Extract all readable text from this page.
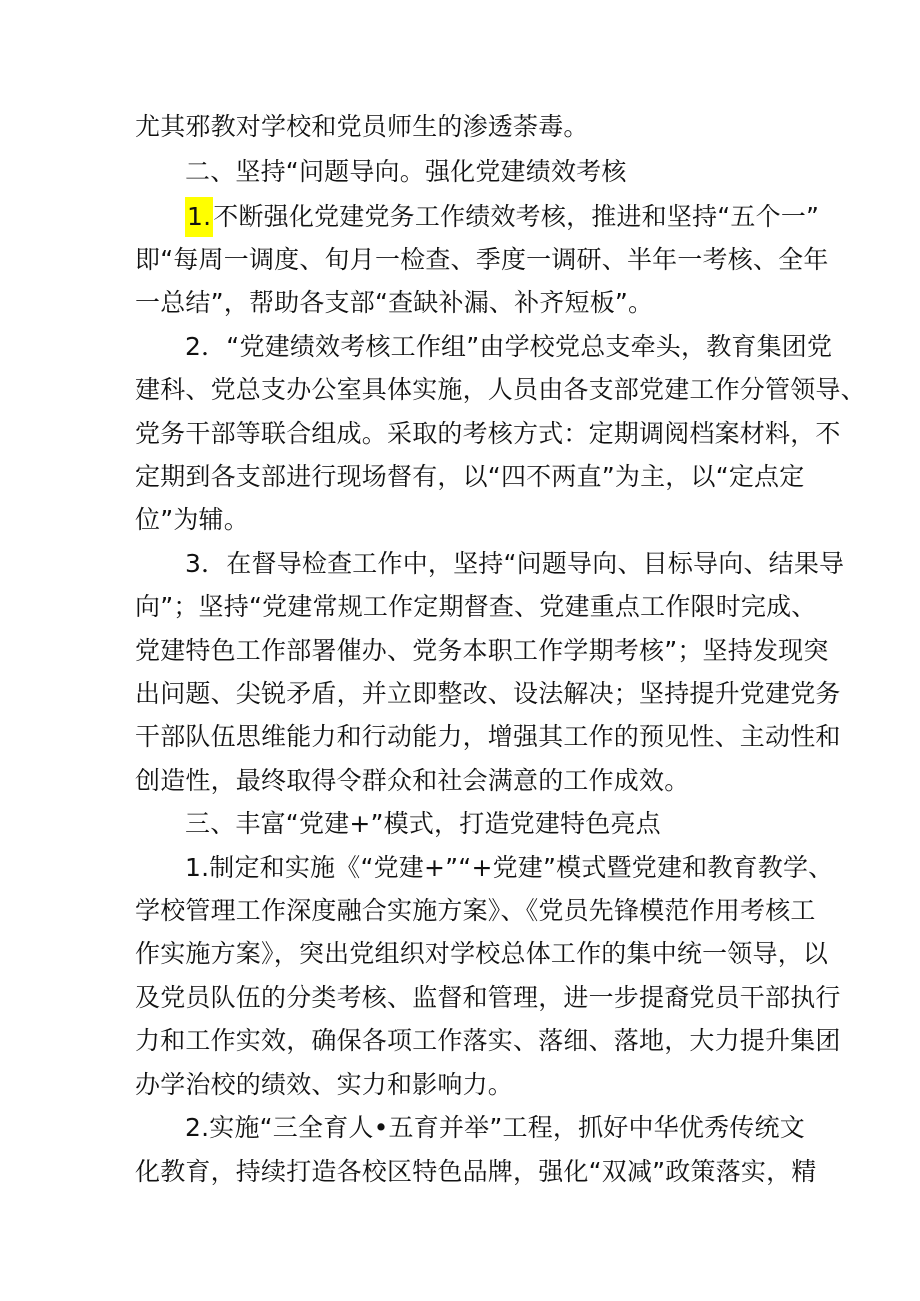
尤其邪教对学校和党员师生的渗透荼毒。
二、坚持“问题导向。强化党建绩效考核
1.不断强化党建党务工作绩效考核，推进和坚持“五个一”
即“每周一调度、旬月一检查、季度一调研、半年一考核、全年
一总结”，帮助各支部“查缺补漏、补齐短板”。
2．“党建绩效考核工作组”由学校党总支牵头，教育集团党
建科、党总支办公室具体实施，人员由各支部党建工作分管领导、
党务干部等联合组成。采取的考核方式：定期调阅档案材料，不
定期到各支部进行现场督有，以“四不两直”为主，以“定点定
位”为辅。
3．在督导检查工作中，坚持“问题导向、目标导向、结果导
向”；坚持“党建常规工作定期督查、党建重点工作限时完成、
党建特色工作部署催办、党务本职工作学期考核”；坚持发现突
出问题、尖锐矛盾，并立即整改、设法解决；坚持提升党建党务
干部队伍思维能力和行动能力，增强其工作的预见性、主动性和
创造性，最终取得令群众和社会满意的工作成效。
三、丰富“党建+”模式，打造党建特色亮点
1.制定和实施《“党建+”“+党建”模式暨党建和教育教学、
学校管理工作深度融合实施方案》、《党员先锋模范作用考核工
作实施方案》，突出党组织对学校总体工作的集中统一领导，以
及党员队伍的分类考核、监督和管理，进一步提裔党员干部执行
力和工作实效，确保各项工作落实、落细、落地，大力提升集团
办学治校的绩效、实力和影响力。
2.实施“三全育人•五育并举”工程，抓好中华优秀传统文
化教育，持续打造各校区特色品牌，强化“双减”政策落实，精
